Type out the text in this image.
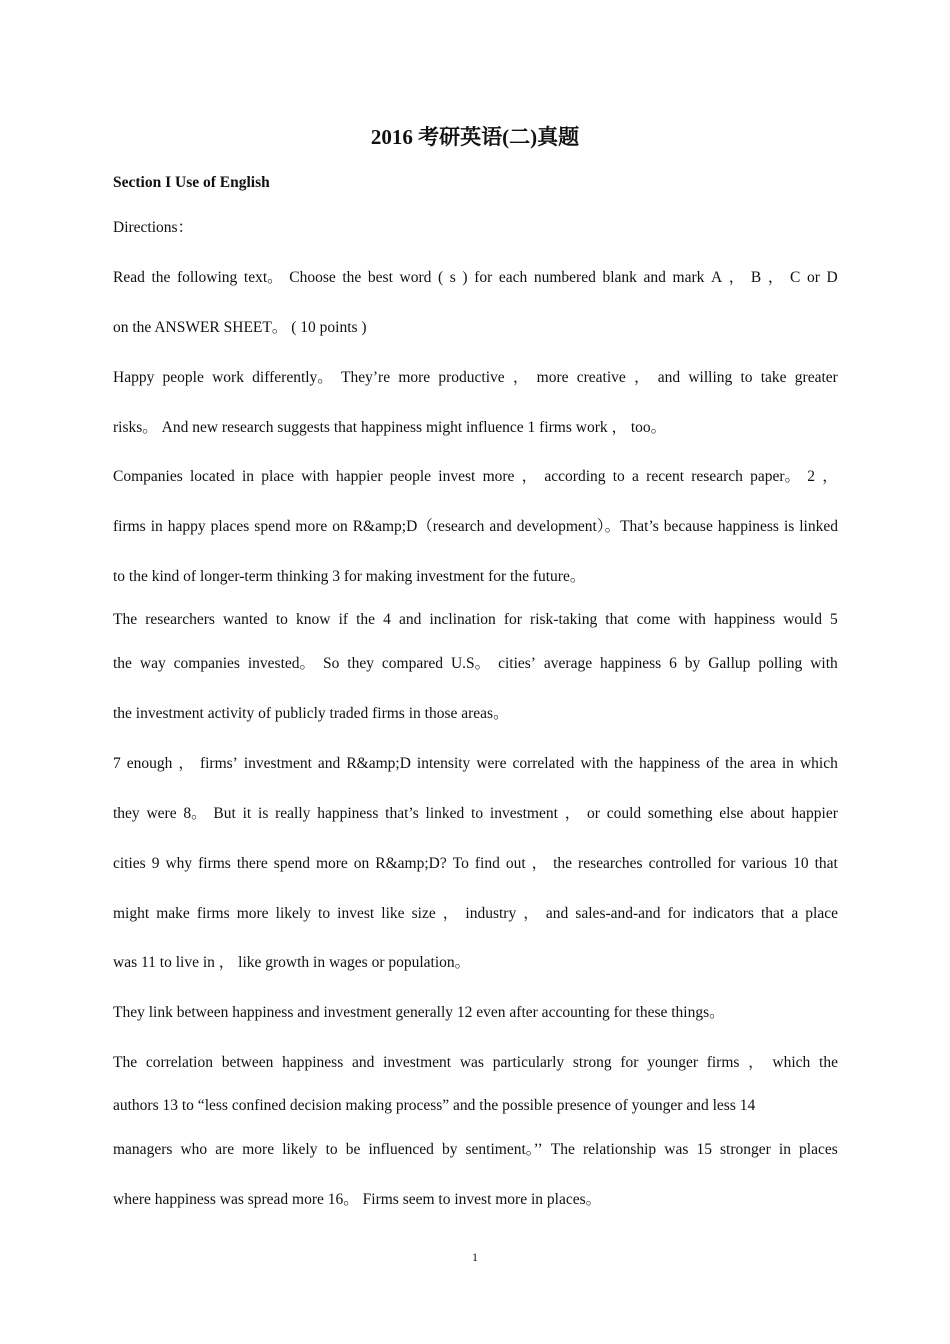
2016 考研英语(二)真题
Section I Use of English
Directions：
Read the following text。 Choose the best word ( s ) for each numbered blank and mark A ， B ， C or D
on the ANSWER SHEET。 ( 10 points )
Happy people work differently。 They’re more productive ， more creative ， and willing to take greater
risks。 And new research suggests that happiness might influence 1 firms work ， too。
Companies located in place with happier people invest more ， according to a recent research paper。 2 ，
firms in happy places spend more on R&amp;D（research and development）。That’s because happiness is linked
to the kind of longer-term thinking 3 for making investment for the future。
The researchers wanted to know if the 4 and inclination for risk-taking that come with happiness would 5
the way companies invested。 So they compared U.S。 cities’ average happiness 6 by Gallup polling with
the investment activity of publicly traded firms in those areas。
7 enough ， firms’ investment and R&amp;D intensity were correlated with the happiness of the area in which
they were 8。 But it is really happiness that’s linked to investment ， or could something else about happier
cities 9 why firms there spend more on R&amp;D? To find out ， the researches controlled for various 10 that
might make firms more likely to invest like size ， industry ， and sales-and-and for indicators that a place
was 11 to live in ， like growth in wages or population。
They link between happiness and investment generally 12 even after accounting for these things。
The correlation between happiness and investment was particularly strong for younger firms ， which the
authors 13 to “less confined decision making process” and the possible presence of younger and less 14
managers who are more likely to be influenced by sentiment。’’ The relationship was 15 stronger in places
where happiness was spread more 16。 Firms seem to invest more in places。
1
